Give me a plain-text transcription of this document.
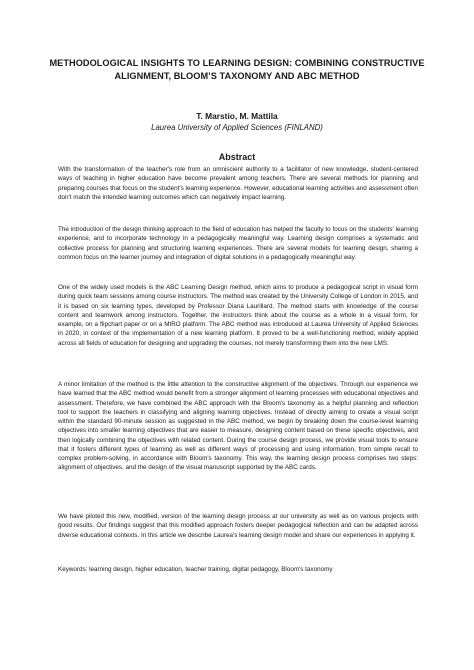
METHODOLOGICAL INSIGHTS TO LEARNING DESIGN: COMBINING CONSTRUCTIVE ALIGNMENT, BLOOM’S TAXONOMY AND ABC METHOD
T. Marstio, M. Mattila
Laurea University of Applied Sciences (FINLAND)
Abstract

With the transformation of the teacher's role from an omniscient authority to a facilitator of new knowledge, student-centered ways of teaching in higher education have become prevalent among teachers. There are several methods for planning and preparing courses that focus on the student's learning experience. However, educational learning activities and assessment often don't match the intended learning outcomes which can negatively impact learning.

The introduction of the design thinking approach to the field of education has helped the faculty to focus on the students' learning experience, and to incorporate technology in a pedagogically meaningful way. Learning design comprises a systematic and collective process for planning and structuring learning experiences. There are several models for learning design, sharing a common focus on the learner journey and integration of digital solutions in a pedagogically meaningful way.

One of the widely used models is the ABC Learning Design method, which aims to produce a pedagogical script in visual form during quick team sessions among course instructors. The method was created by the University College of London in 2015, and it is based on six learning types, developed by Professor Diana Laurillard. The method starts with knowledge of the course content and teamwork among instructors. Together, the instructors think about the course as a whole in a visual form, for example, on a flipchart paper or on a MIRO platform. The ABC method was introduced at Laurea University of Applied Sciences in 2020, in context of the implementation of a new learning platform. It proved to be a well-functioning method, widely applied across all fields of education for designing and upgrading the courses, not merely transforming them into the new LMS.

A minor limitation of the method is the little attention to the constructive alignment of the objectives. Through our experience we have learned that the ABC method would benefit from a stronger alignment of learning processes with educational objectives and assessment. Therefore, we have combined the ABC approach with the Bloom's taxonomy as a helpful planning and reflection tool to support the teachers in classifying and aligning learning objectives. Instead of directly aiming to create a visual script within the standard 90-minute session as suggested in the ABC method, we begin by breaking down the course-level learning objectives into smaller learning objectives that are easier to measure, designing content based on these specific objectives, and then logically combining the objectives with related content. During the course design process, we provide visual tools to ensure that it fosters different types of learning as well as different ways of processing and using information, from simple recall to complex problem-solving, in accordance with Bloom's taxonomy. This way, the learning design process comprises two steps: alignment of objectives, and the design of the visual manuscript supported by the ABC cards.

We have piloted this new, modified, version of the learning design process at our university as well as on various projects with good results. Our findings suggest that this modified approach fosters deeper pedagogical reflection and can be adapted across diverse educational contexts. In this article we describe Laurea's learning design model and share our experiences in applying it.

Keywords: learning design, higher education, teacher training, digital pedagogy, Bloom's taxonomy
